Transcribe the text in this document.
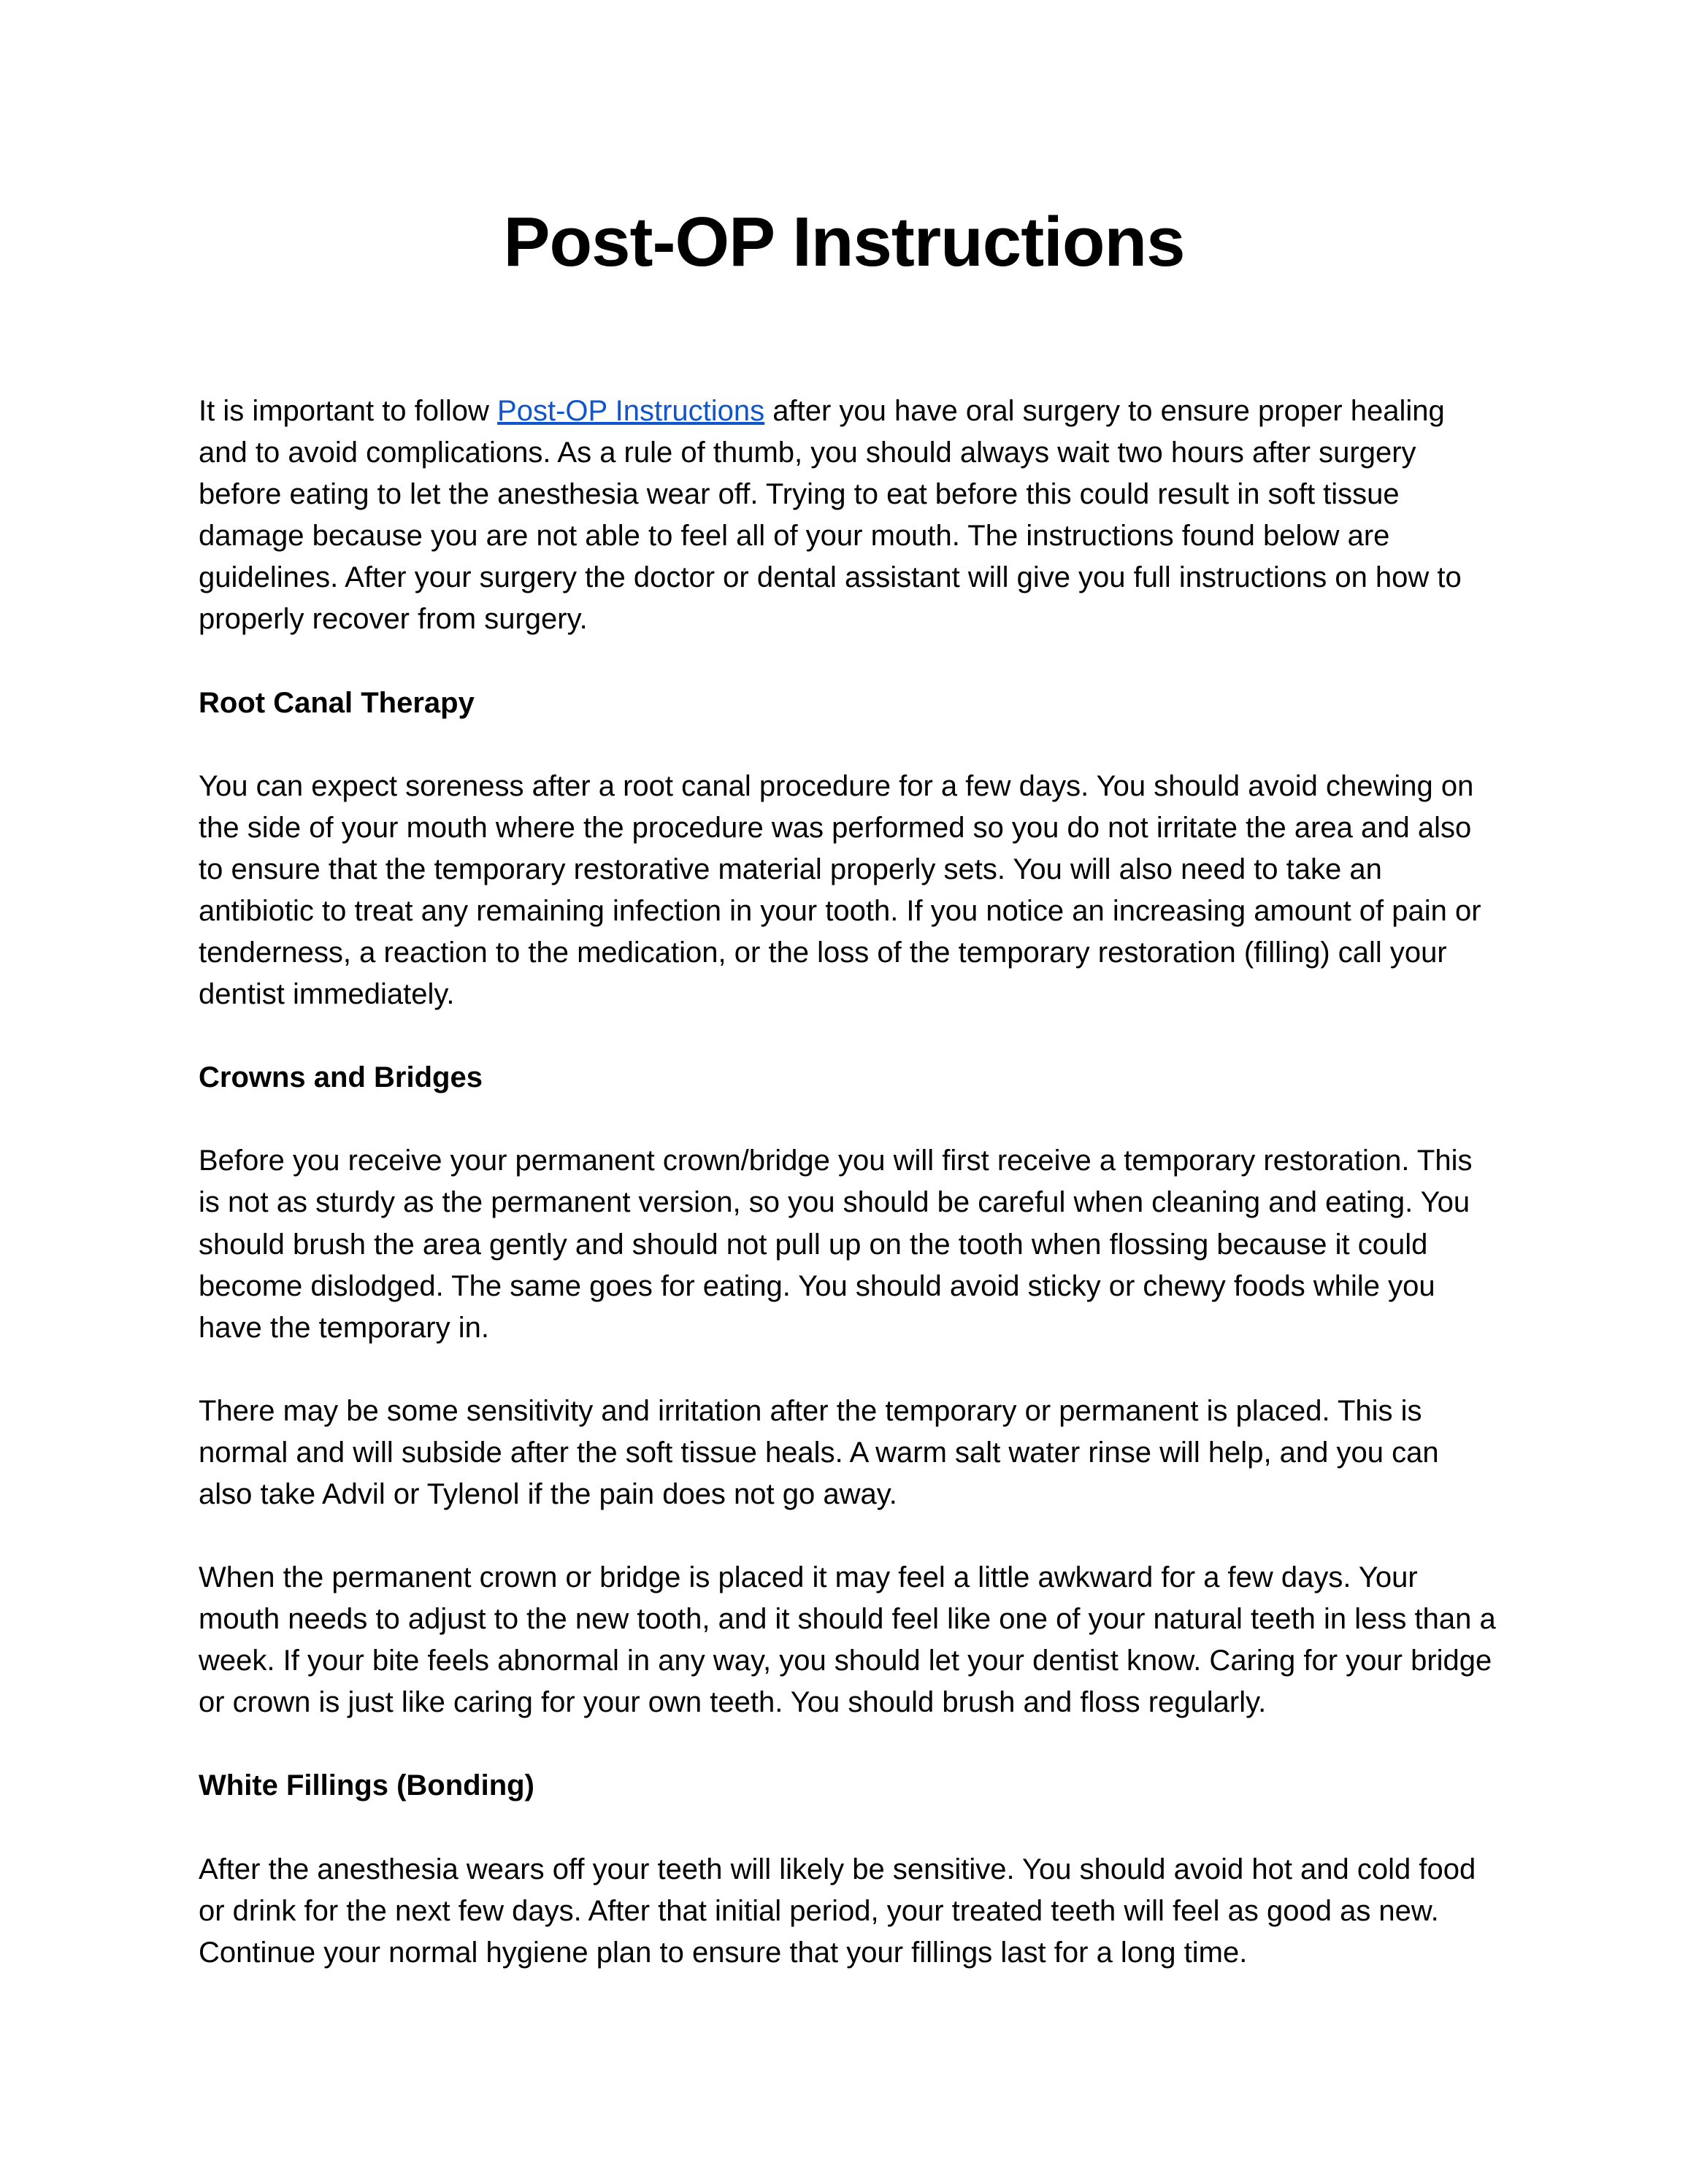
Post-OP Instructions

It is important to follow Post-OP Instructions after you have oral surgery to ensure proper healing and to avoid complications. As a rule of thumb, you should always wait two hours after surgery before eating to let the anesthesia wear off. Trying to eat before this could result in soft tissue damage because you are not able to feel all of your mouth. The instructions found below are guidelines. After your surgery the doctor or dental assistant will give you full instructions on how to properly recover from surgery.

Root Canal Therapy

You can expect soreness after a root canal procedure for a few days. You should avoid chewing on the side of your mouth where the procedure was performed so you do not irritate the area and also to ensure that the temporary restorative material properly sets. You will also need to take an antibiotic to treat any remaining infection in your tooth. If you notice an increasing amount of pain or tenderness, a reaction to the medication, or the loss of the temporary restoration (filling) call your dentist immediately.

Crowns and Bridges

Before you receive your permanent crown/bridge you will first receive a temporary restoration. This is not as sturdy as the permanent version, so you should be careful when cleaning and eating. You should brush the area gently and should not pull up on the tooth when flossing because it could become dislodged. The same goes for eating. You should avoid sticky or chewy foods while you have the temporary in.

There may be some sensitivity and irritation after the temporary or permanent is placed. This is normal and will subside after the soft tissue heals. A warm salt water rinse will help, and you can also take Advil or Tylenol if the pain does not go away.

When the permanent crown or bridge is placed it may feel a little awkward for a few days. Your mouth needs to adjust to the new tooth, and it should feel like one of your natural teeth in less than a week. If your bite feels abnormal in any way, you should let your dentist know. Caring for your bridge or crown is just like caring for your own teeth. You should brush and floss regularly.

White Fillings (Bonding)

After the anesthesia wears off your teeth will likely be sensitive. You should avoid hot and cold food or drink for the next few days. After that initial period, your treated teeth will feel as good as new. Continue your normal hygiene plan to ensure that your fillings last for a long time.
